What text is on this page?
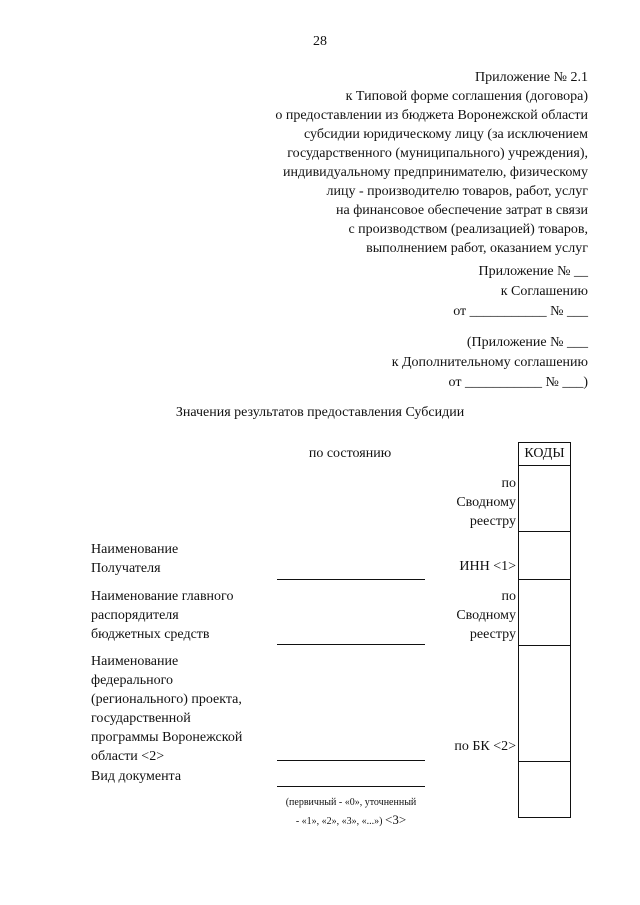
28
Приложение № 2.1
к Типовой форме соглашения (договора)
о предоставлении из бюджета Воронежской области
субсидии юридическому лицу (за исключением
государственного (муниципального) учреждения),
индивидуальному предпринимателю, физическому
лицу - производителю товаров, работ, услуг
на финансовое обеспечение затрат в связи
с производством (реализацией) товаров,
выполнением работ, оказанием услуг
Приложение № __
к Соглашению
от ___________ № ___
(Приложение № ___
к Дополнительному соглашению
от ___________ № ___)
Значения результатов предоставления Субсидии
по состоянию	КОДЫ
по
Сводному
реестру
Наименование
Получателя	ИНН <1>
Наименование главного
распорядителя
бюджетных средств
по
Сводному
реестру
Наименование
федерального
(регионального) проекта,
государственной
программы Воронежской
области <2>
по БК <2>
Вид документа
(первичный - «0», уточненный
- «1», «2», «3», «...») <3>
